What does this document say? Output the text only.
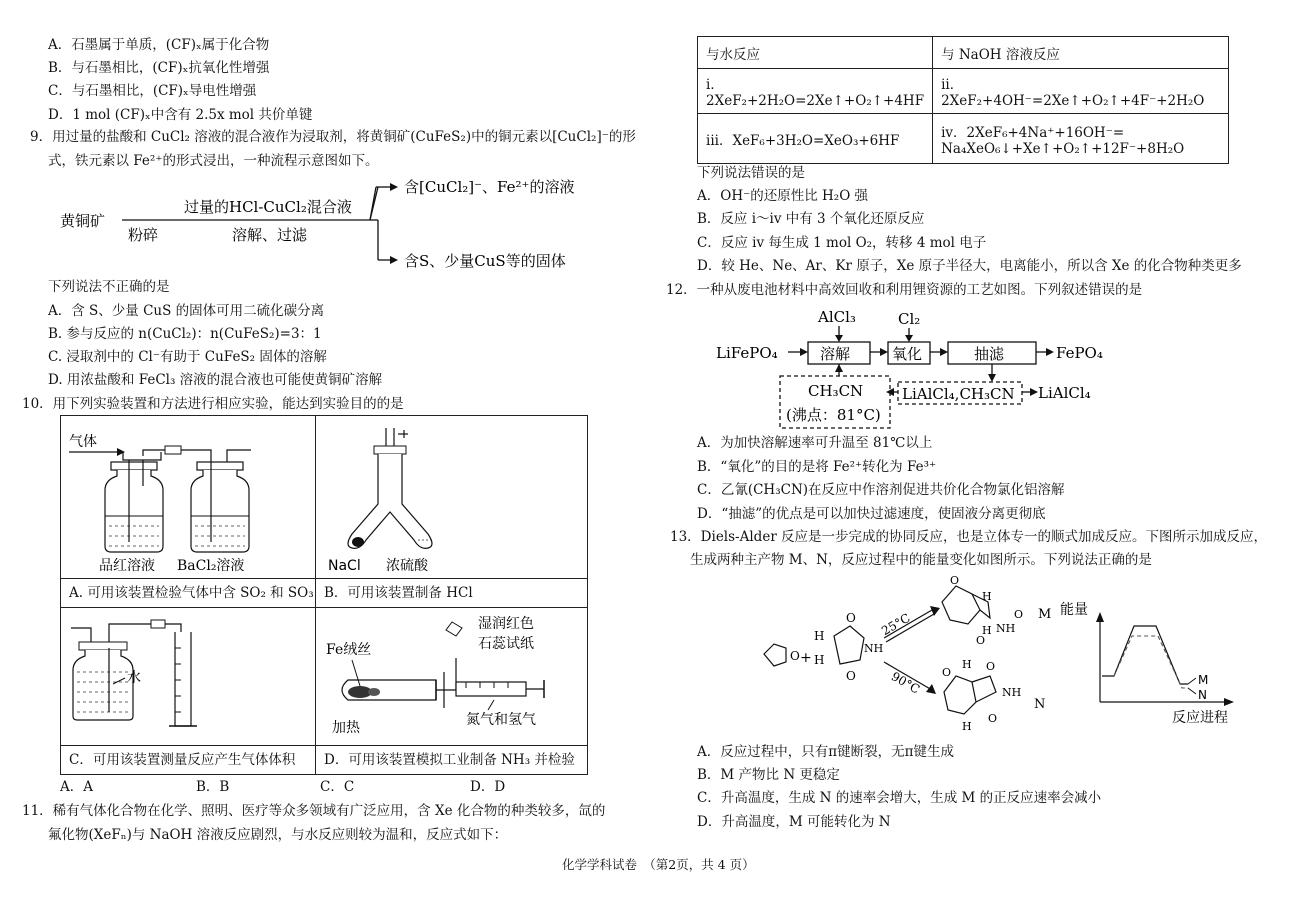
A．石墨属于单质，(CF)ₓ属于化合物
B．与石墨相比，(CF)ₓ抗氧化性增强
C．与石墨相比，(CF)ₓ导电性增强
D．1 mol (CF)ₓ中含有 2.5x mol 共价单键
9．用过量的盐酸和 CuCl₂ 溶液的混合液作为浸取剂，将黄铜矿(CuFeS₂)中的铜元素以[CuCl₂]⁻的形
式，铁元素以 Fe²⁺的形式浸出，一种流程示意图如下。
黄铜矿
粉碎
过量的HCl-CuCl₂混合液
溶解、过滤
含[CuCl₂]⁻、Fe²⁺的溶液
含S、少量CuS等的固体
下列说法不正确的是
A．含 S、少量 CuS 的固体可用二硫化碳分离
B. 参与反应的 n(CuCl₂)：n(CuFeS₂)=3：1
C. 浸取剂中的 Cl⁻有助于 CuFeS₂ 固体的溶解
D. 用浓盐酸和 FeCl₃ 溶液的混合液也可能使黄铜矿溶解
10．用下列实验装置和方法进行相应实验，能达到实验目的的是
气体
品红溶液 BaCl₂溶液
A. 可用该装置检验气体中含 SO₂ 和 SO₃
NaCl 浓硫酸
B．可用该装置制备 HCl
水
C．可用该装置测量反应产生气体体积
Fe绒丝
湿润红色
石蕊试纸
加热	氮气和氢气
D．可用该装置模拟工业制备 NH₃ 并检验
A．A	B．B	C．C	D．D
11．稀有气体化合物在化学、照明、医疗等众多领域有广泛应用，含 Xe 化合物的种类较多，氙的
氟化物(XeFₙ)与 NaOH 溶液反应剧烈，与水反应则较为温和，反应式如下：
与水反应	与 NaOH 溶液反应
i．2XeF₂+2H₂O=2Xe↑+O₂↑+4HF	ii．2XeF₂+4OH⁻=2Xe↑+O₂↑+4F⁻+2H₂O
iii．XeF₆+3H₂O=XeO₃+6HF	iv．2XeF₆+4Na⁺+16OH⁻=
Na₄XeO₆↓+Xe↑+O₂↑+12F⁻+8H₂O
下列说法错误的是
A．OH⁻的还原性比 H₂O 强
B．反应 i～iv 中有 3 个氧化还原反应
C．反应 iv 每生成 1 mol O₂，转移 4 mol 电子
D．较 He、Ne、Ar、Kr 原子，Xe 原子半径大，电离能小，所以含 Xe 的化合物种类更多
12．一种从废电池材料中高效回收和利用锂资源的工艺如图。下列叙述错误的是
LiFePO₄	溶解
AlCl₃
氧化
Cl₂
抽滤	FePO₄
CH₃CN
(沸点：81°C)
LiAlCl₄,CH₃CN LiAlCl₄
A．为加快溶解速率可升温至 81℃以上
B．“氧化”的目的是将 Fe²⁺转化为 Fe³⁺
C．乙氰(CH₃CN)在反应中作溶剂促进共价化合物氯化铝溶解
D．“抽滤”的优点是可以加快过滤速度，使固液分离更彻底
13．Diels-Alder 反应是一步完成的协同反应，也是立体专一的顺式加成反应。下图所示加成反应，
生成两种主产物 M、N，反应过程中的能量变化如图所示。下列说法正确的是
O +
H
H
O
O
NH
25°C
90°C
O
H
H
O
NH
O M
O
H
H
O
NH
O
N
能量
M
N
反应进程
A．反应过程中，只有π键断裂，无π键生成
B．M 产物比 N 更稳定
C．升高温度，生成 N 的速率会增大，生成 M 的正反应速率会减小
D．升高温度，M 可能转化为 N
化学学科试卷　（第2页，共 4 页）
